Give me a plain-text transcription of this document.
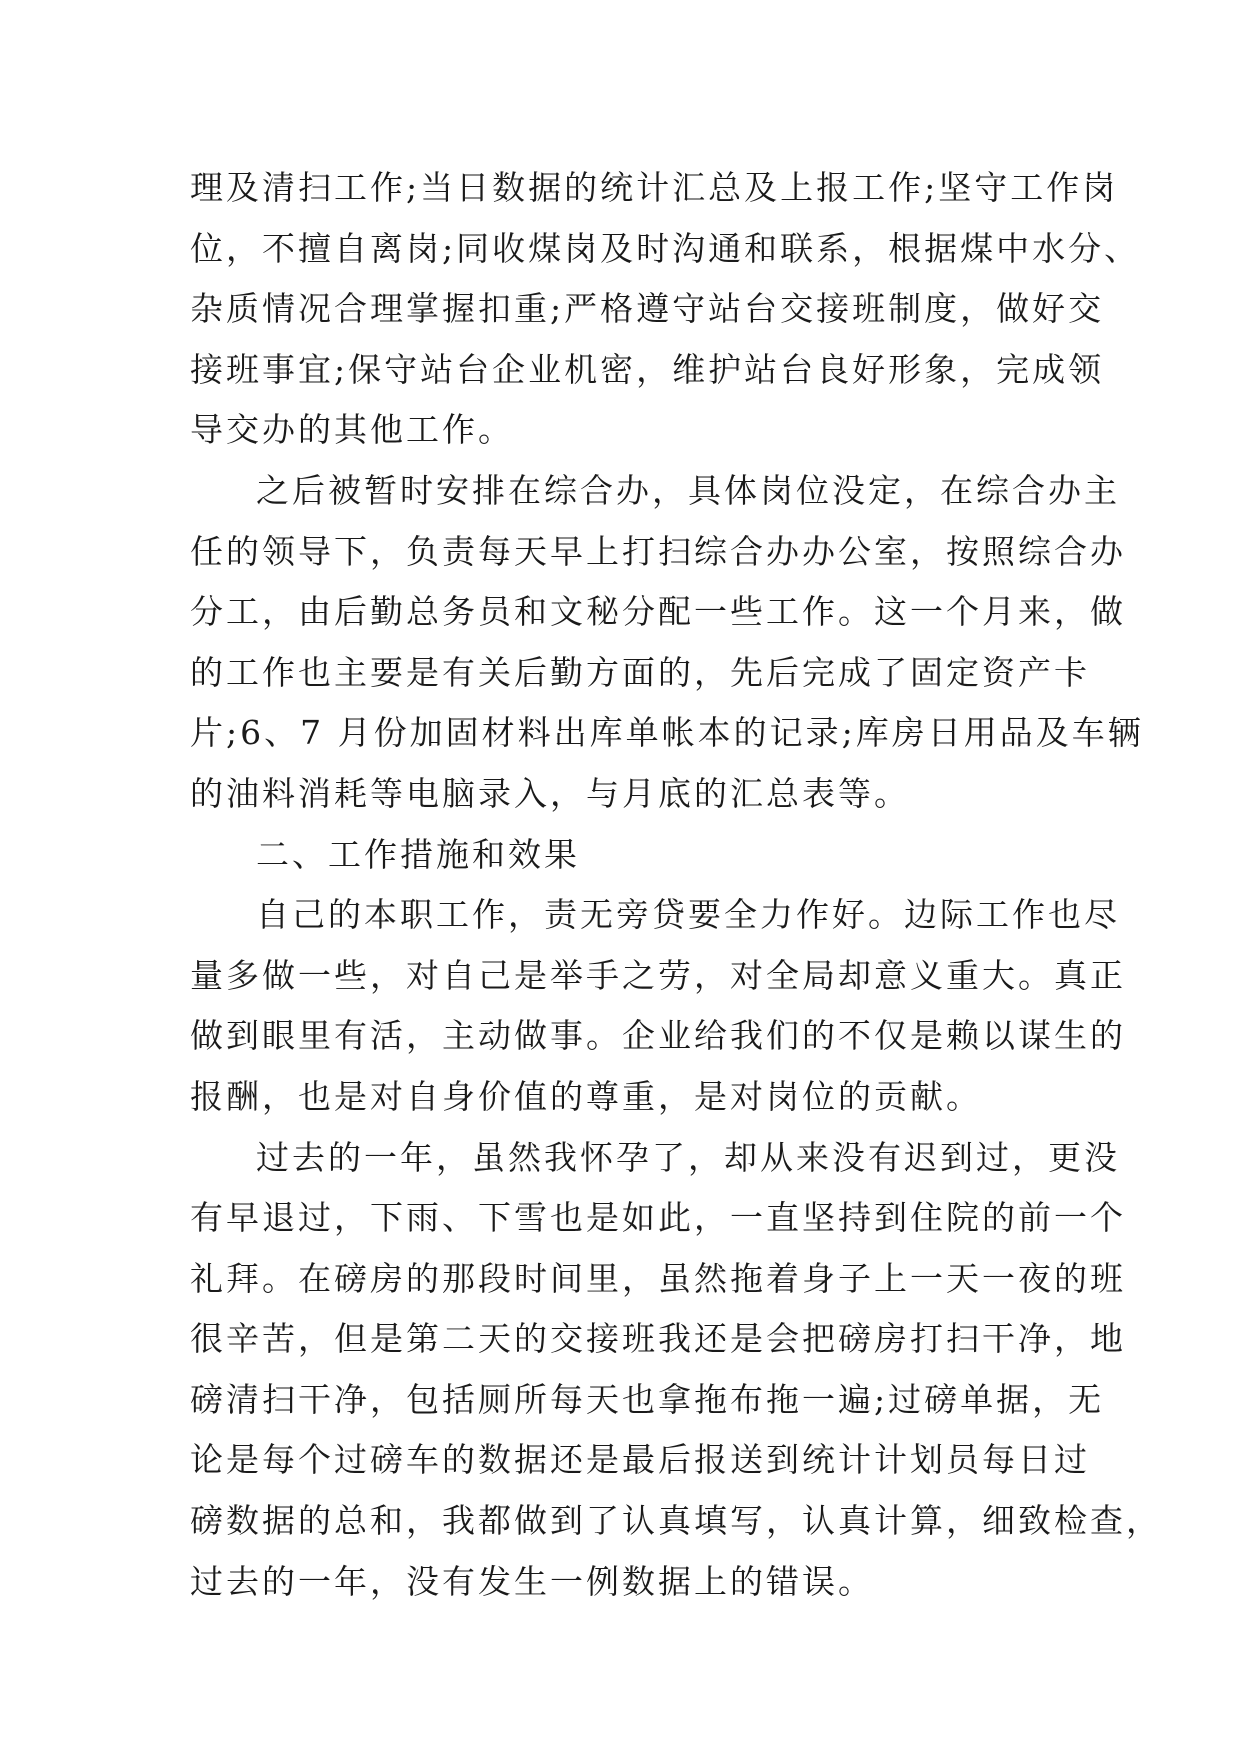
理及清扫工作;当日数据的统计汇总及上报工作;坚守工作岗
位，不擅自离岗;同收煤岗及时沟通和联系，根据煤中水分、
杂质情况合理掌握扣重;严格遵守站台交接班制度，做好交
接班事宜;保守站台企业机密，维护站台良好形象，完成领
导交办的其他工作。
之后被暂时安排在综合办，具体岗位没定，在综合办主
任的领导下，负责每天早上打扫综合办办公室，按照综合办
分工，由后勤总务员和文秘分配一些工作。这一个月来，做
的工作也主要是有关后勤方面的，先后完成了固定资产卡
片;6、7 月份加固材料出库单帐本的记录;库房日用品及车辆
的油料消耗等电脑录入，与月底的汇总表等。
二、工作措施和效果
自己的本职工作，责无旁贷要全力作好。边际工作也尽
量多做一些，对自己是举手之劳，对全局却意义重大。真正
做到眼里有活，主动做事。企业给我们的不仅是赖以谋生的
报酬，也是对自身价值的尊重，是对岗位的贡献。
过去的一年，虽然我怀孕了，却从来没有迟到过，更没
有早退过，下雨、下雪也是如此，一直坚持到住院的前一个
礼拜。在磅房的那段时间里，虽然拖着身子上一天一夜的班
很辛苦，但是第二天的交接班我还是会把磅房打扫干净，地
磅清扫干净，包括厕所每天也拿拖布拖一遍;过磅单据，无
论是每个过磅车的数据还是最后报送到统计计划员每日过
磅数据的总和，我都做到了认真填写，认真计算，细致检查，
过去的一年，没有发生一例数据上的错误。
